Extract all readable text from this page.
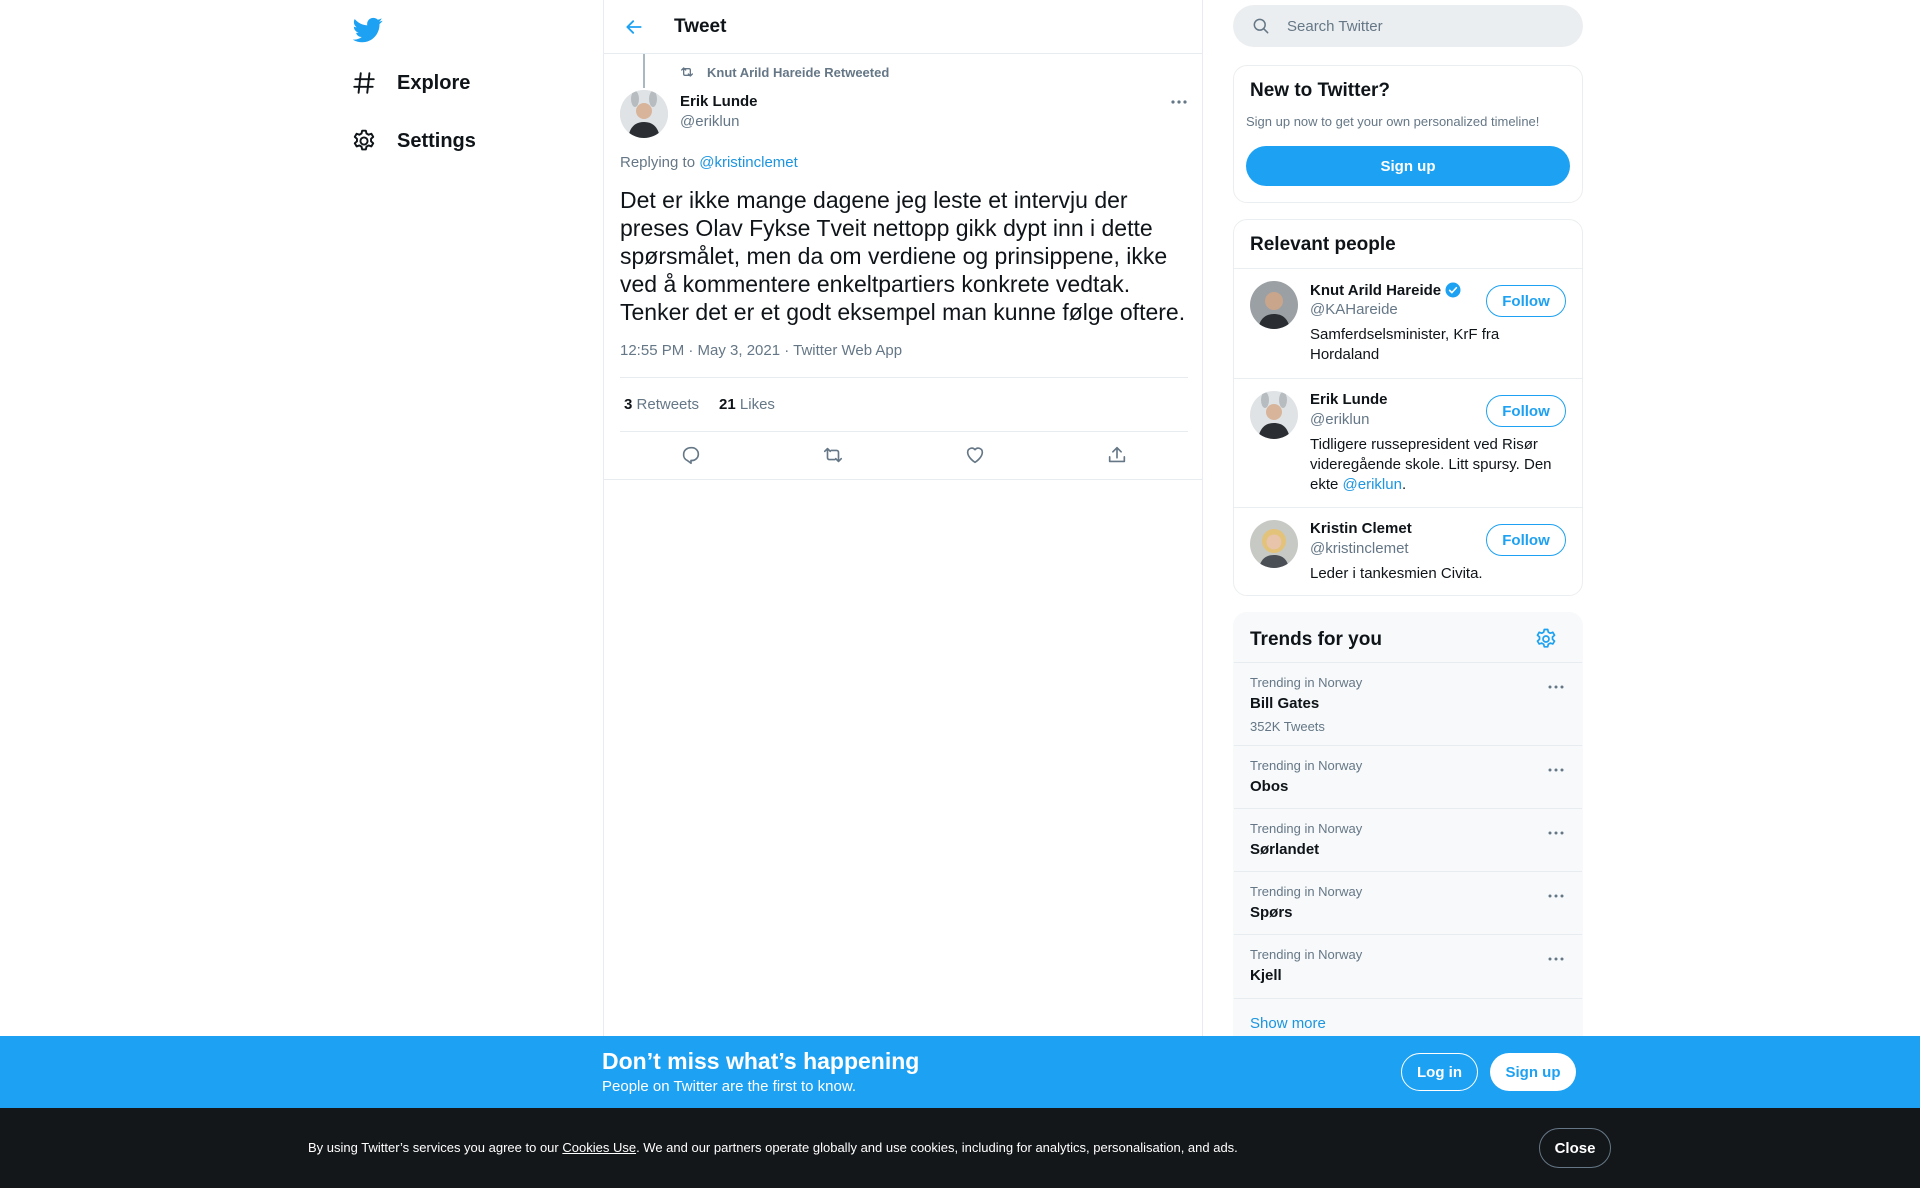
Explore
Settings
Tweet
Knut Arild Hareide Retweeted
Erik Lunde
@eriklun
Replying to @kristinclemet
Det er ikke mange dagene jeg leste et intervju der preses Olav Fykse Tveit nettopp gikk dypt inn i dette spørsmålet, men da om verdiene og prinsippene, ikke ved å kommentere enkeltpartiers konkrete vedtak. Tenker det er et godt eksempel man kunne følge oftere.
12:55 PM · May 3, 2021 · Twitter Web App
3 Retweets 21 Likes
Search Twitter
New to Twitter?
Sign up now to get your own personalized timeline!
Sign up
Relevant people
Knut Arild Hareide
@KAHareide
Samferdselsminister, KrF fra Hordaland
Follow
Erik Lunde
@eriklun
Tidligere russepresident ved Risør videregående skole. Litt spursy. Den ekte @eriklun.
Follow
Kristin Clemet
@kristinclemet
Leder i tankesmien Civita.
Follow
Trends for you
Trending in Norway
Bill Gates
352K Tweets
Trending in Norway
Obos
Trending in Norway
Sørlandet
Trending in Norway
Spørs
Trending in Norway
Kjell
Show more
Don’t miss what’s happening
People on Twitter are the first to know.
Log in	Sign up
By using Twitter’s services you agree to our Cookies Use. We and our partners operate globally and use cookies, including for analytics, personalisation, and ads.	Close
